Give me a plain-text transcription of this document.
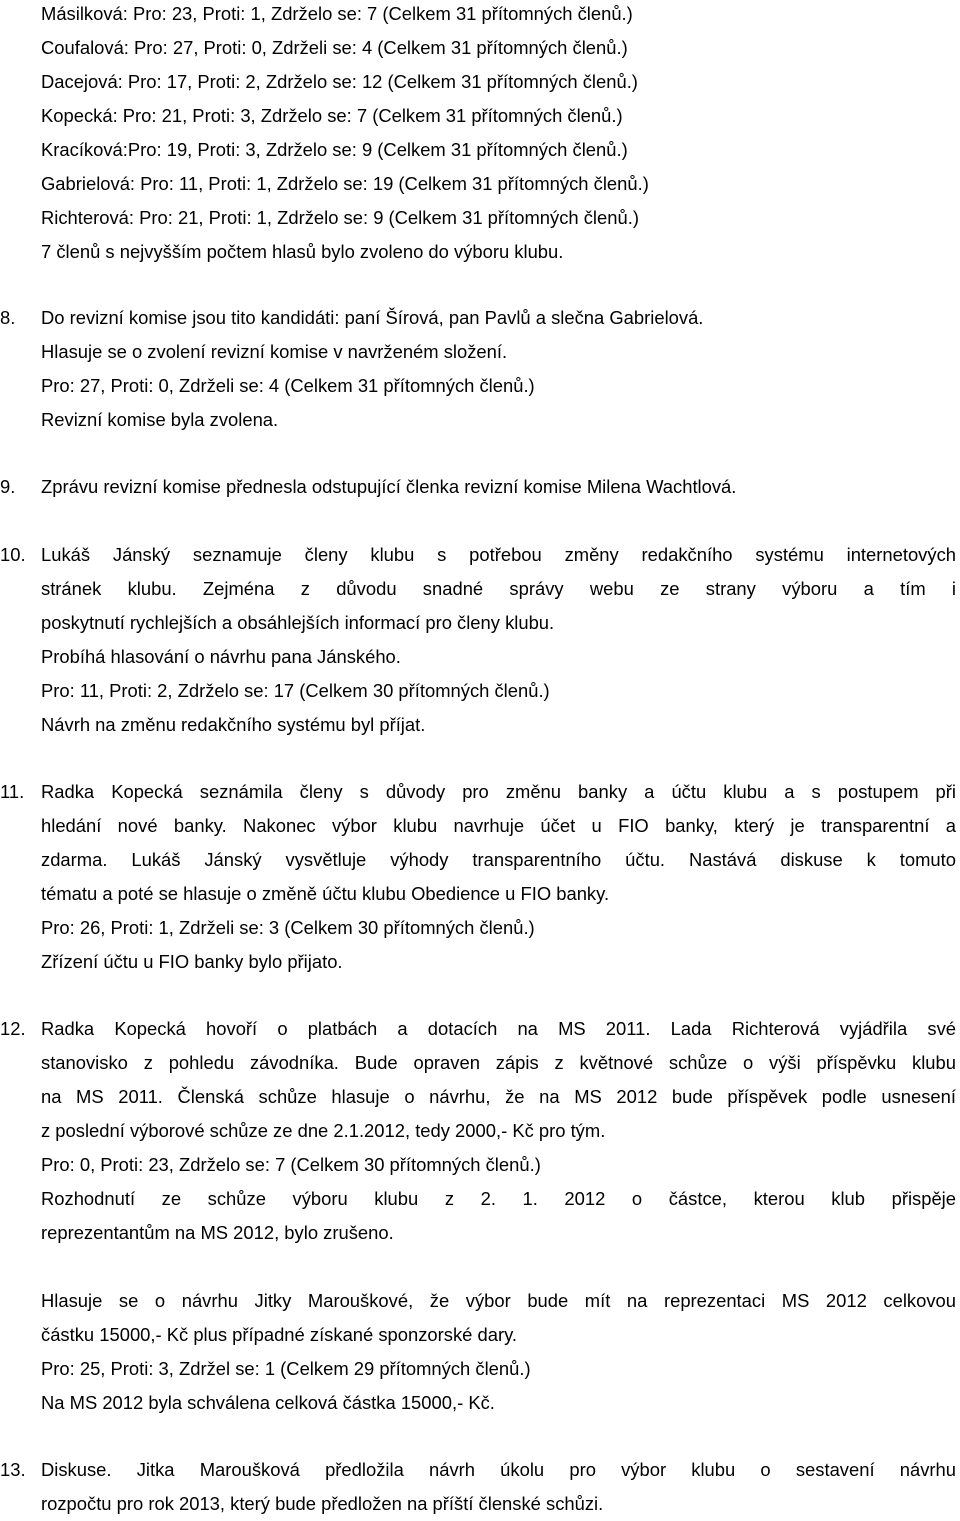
Másilková: Pro: 23, Proti: 1, Zdrželo se: 7 (Celkem 31 přítomných členů.)
Coufalová: Pro: 27, Proti: 0, Zdrželi se: 4 (Celkem 31 přítomných členů.)
Dacejová: Pro: 17, Proti: 2, Zdrželo se: 12 (Celkem 31 přítomných členů.)
Kopecká: Pro: 21, Proti: 3, Zdrželo se: 7 (Celkem 31 přítomných členů.)
Kracíková:Pro: 19, Proti: 3, Zdrželo se: 9 (Celkem 31 přítomných členů.)
Gabrielová: Pro: 11, Proti: 1, Zdrželo se: 19 (Celkem 31 přítomných členů.)
Richterová: Pro: 21, Proti: 1, Zdrželo se: 9 (Celkem 31 přítomných členů.)
7 členů s nejvyšším počtem hlasů bylo zvoleno do výboru klubu.
8. Do revizní komise jsou tito kandidáti: paní Šírová, pan Pavlů a slečna Gabrielová.
Hlasuje se o zvolení revizní komise v navrženém složení.
Pro: 27, Proti: 0, Zdrželi se: 4 (Celkem 31 přítomných členů.)
Revizní komise byla zvolena.
9. Zprávu revizní komise přednesla odstupující členka revizní komise Milena Wachtlová.
10. Lukáš Jánský seznamuje členy klubu s potřebou změny redakčního systému internetových
stránek klubu. Zejména z důvodu snadné správy webu ze strany výboru a tím i
poskytnutí rychlejších a obsáhlejších informací pro členy klubu.
Probíhá hlasování o návrhu pana Jánského.
Pro: 11, Proti: 2, Zdrželo se: 17 (Celkem 30 přítomných členů.)
Návrh na změnu redakčního systému byl příjat.
11. Radka Kopecká seznámila členy s důvody pro změnu banky a účtu klubu a s postupem při
hledání nové banky. Nakonec výbor klubu navrhuje účet u FIO banky, který je transparentní a
zdarma. Lukáš Jánský vysvětluje výhody transparentního účtu. Nastává diskuse k tomuto
tématu a poté se hlasuje o změně účtu klubu Obedience u FIO banky.
Pro: 26, Proti: 1, Zdrželi se: 3 (Celkem 30 přítomných členů.)
Zřízení účtu u FIO banky bylo přijato.
12. Radka Kopecká hovoří o platbách a dotacích na MS 2011. Lada Richterová vyjádřila své
stanovisko z pohledu závodníka. Bude opraven zápis z květnové schůze o výši příspěvku klubu
na MS 2011. Členská schůze hlasuje o návrhu, že na MS 2012 bude příspěvek podle usnesení
z poslední výborové schůze ze dne 2.1.2012, tedy 2000,- Kč pro tým.
Pro: 0, Proti: 23, Zdrželo se: 7 (Celkem 30 přítomných členů.)
Rozhodnutí ze schůze výboru klubu z 2. 1. 2012 o částce, kterou klub přispěje
reprezentantům na MS 2012, bylo zrušeno.
Hlasuje se o návrhu Jitky Marouškové, že výbor bude mít na reprezentaci MS 2012 celkovou
částku 15000,- Kč plus případné získané sponzorské dary.
Pro: 25, Proti: 3, Zdržel se: 1 (Celkem 29 přítomných členů.)
Na MS 2012 byla schválena celková částka 15000,- Kč.
13. Diskuse. Jitka Maroušková předložila návrh úkolu pro výbor klubu o sestavení návrhu
rozpočtu pro rok 2013, který bude předložen na příští členské schůzi.
